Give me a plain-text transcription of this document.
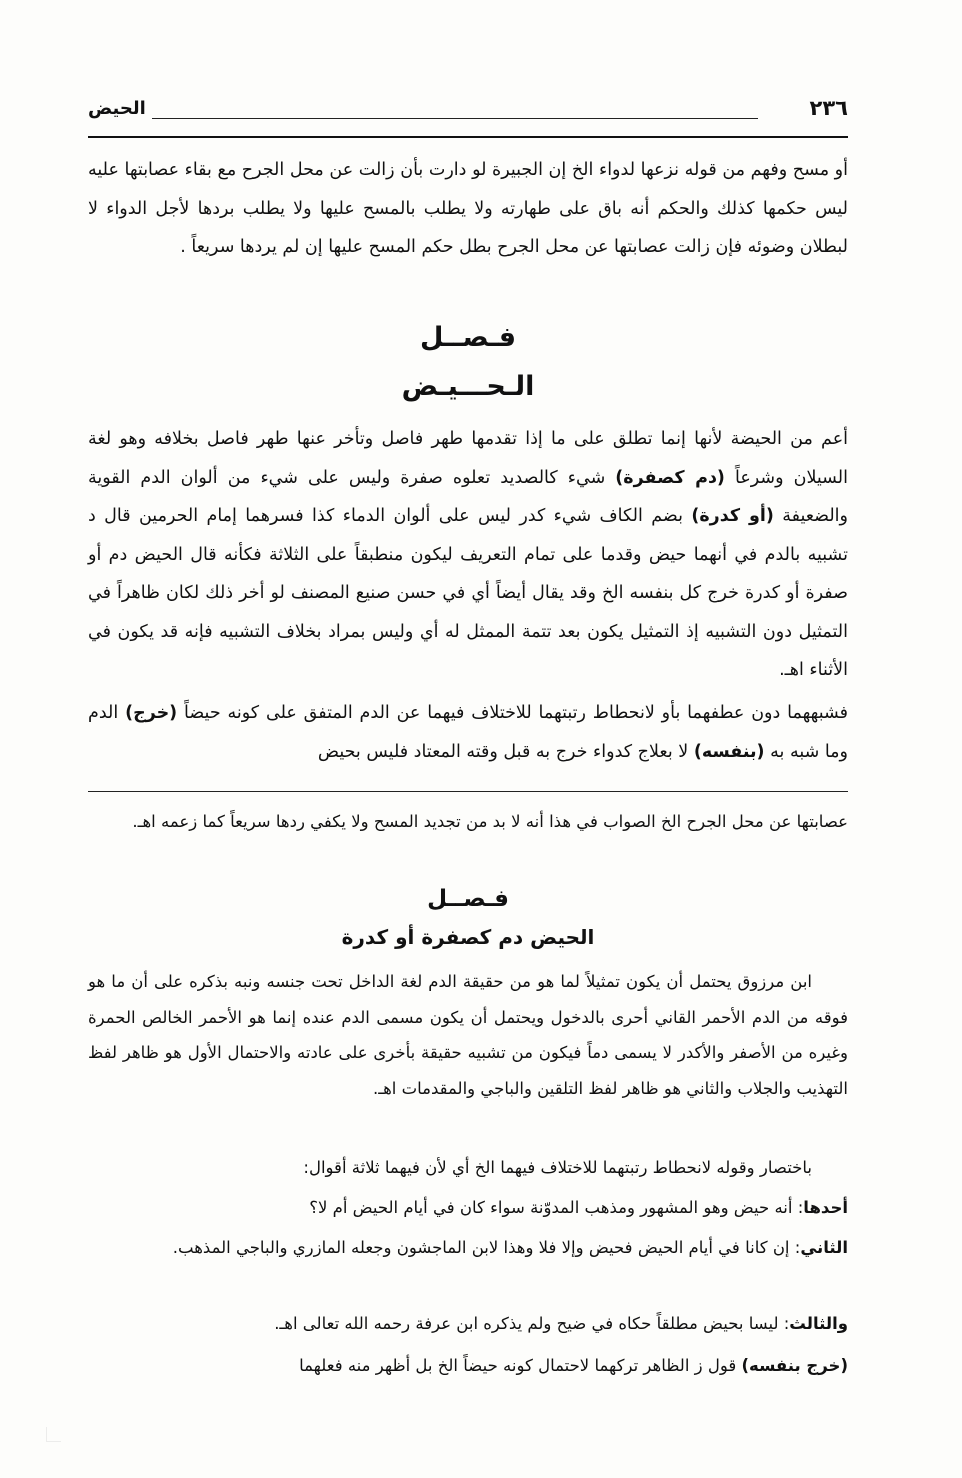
٢٣٦
الحيض
أو مسح وفهم من قوله نزعها لدواء الخ إن الجبيرة لو دارت بأن زالت عن محل الجرح مع بقاء عصابتها عليه ليس حكمها كذلك والحكم أنه باق على طهارته ولا يطلب بالمسح عليها ولا يطلب بردها لأجل الدواء لا لبطلان وضوئه فإن زالت عصابتها عن محل الجرح بطل حكم المسح عليها إن لم يردها سريعاً .
فـصــل
الـحـــيـض
أعم من الحيضة لأنها إنما تطلق على ما إذا تقدمها طهر فاصل وتأخر عنها طهر فاصل بخلافه وهو لغة السيلان وشرعاً (دم كصفرة) شيء كالصديد تعلوه صفرة وليس على شيء من ألوان الدم القوية والضعيفة (أو كدرة) بضم الكاف شيء كدر ليس على ألوان الدماء كذا فسرهما إمام الحرمين قال د تشبيه بالدم في أنهما حيض وقدما على تمام التعريف ليكون منطبقاً على الثلاثة فكأنه قال الحيض دم أو صفرة أو كدرة خرج كل بنفسه الخ وقد يقال أيضاً أي في حسن صنيع المصنف لو أخر ذلك لكان ظاهراً في التمثيل دون التشبيه إذ التمثيل يكون بعد تتمة الممثل له أي وليس بمراد بخلاف التشبيه فإنه قد يكون في الأثناء اهـ.
فشبههما دون عطفهما بأو لانحطاط رتبتهما للاختلاف فيهما عن الدم المتفق على كونه حيضاً (خرج) الدم وما شبه به (بنفسه) لا بعلاج كدواء خرج به قبل وقته المعتاد فليس بحيض
عصابتها عن محل الجرح الخ الصواب في هذا أنه لا بد من تجديد المسح ولا يكفي ردها سريعاً كما زعمه اهـ.
فـصــل
الحيض دم كصفرة أو كدرة
ابن مرزوق يحتمل أن يكون تمثيلاً لما هو من حقيقة الدم لغة الداخل تحت جنسه ونبه بذكره على أن ما هو فوقه من الدم الأحمر القاني أحرى بالدخول ويحتمل أن يكون مسمى الدم عنده إنما هو الأحمر الخالص الحمرة وغيره من الأصفر والأكدر لا يسمى دماً فيكون من تشبيه حقيقة بأخرى على عادته والاحتمال الأول هو ظاهر لفظ التهذيب والجلاب والثاني هو ظاهر لفظ التلقين والباجي والمقدمات اهـ.
باختصار وقوله لانحطاط رتبتهما للاختلاف فيهما الخ أي لأن فيهما ثلاثة أقوال:
أحدها: أنه حيض وهو المشهور ومذهب المدوّنة سواء كان في أيام الحيض أم لا؟
الثاني: إن كانا في أيام الحيض فحيض وإلا فلا وهذا لابن الماجشون وجعله المازري والباجي المذهب.
والثالث: ليسا بحيض مطلقاً حكاه في ضيح ولم يذكره ابن عرفة رحمه الله تعالى اهـ.
(خرج بنفسه) قول ز الظاهر تركهما لاحتمال كونه حيضاً الخ بل أظهر منه فعلهما
